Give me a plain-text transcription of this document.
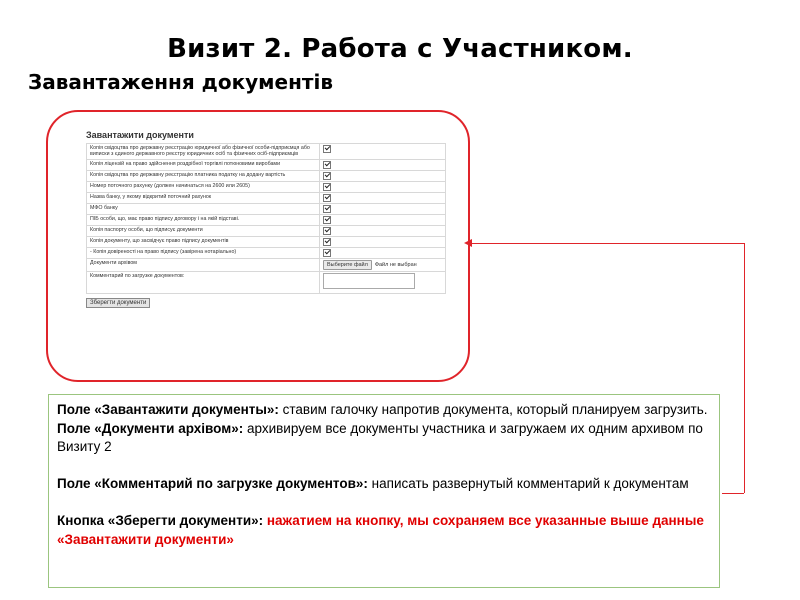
Визит 2. Работа с Участником.
Завантаження документів
Завантажити документи
Копія свідоцтва про державну реєстрацію юридичної або фізичної особи-підприємця або виписки з єдиного державного реєстру юридичних осіб та фізичних осіб-підприємців	
Копія ліцензій на право здійснення роздрібної торгівлі потюновими виробами	
Копія свідоцтва про державну реєстрацію платника податку на додану вартість	
Номер поточного рахунку (должен начинаться на 2600 или 2605)	
Назва банку, у якому відкритий поточний рахунок	
МФО банку	
ПІБ особи, що, має право підпису договору і на якій підставі.	
Копія паспорту особи, що підписує документи	
Копія документу, що засвідчує право підпису документів	
- Копія довіреності на право підпису (завірена нотаріально)	
Документи архівом	Выберите файл Файл не выбран
Комментарий по загрузке документов:	
Зберегти документи

Поле «Завантажити документы»: ставим галочку напротив документа, который планируем загрузить.

Поле «Документи архівом»: архивируем все документы участника и загружаем их одним архивом по Визиту 2

Поле «Комментарий по загрузке документов»: написать развернутый комментарий к документам

Кнопка «Зберегти документи»: нажатием на кнопку, мы сохраняем все указанные выше данные «Завантажити документи»
